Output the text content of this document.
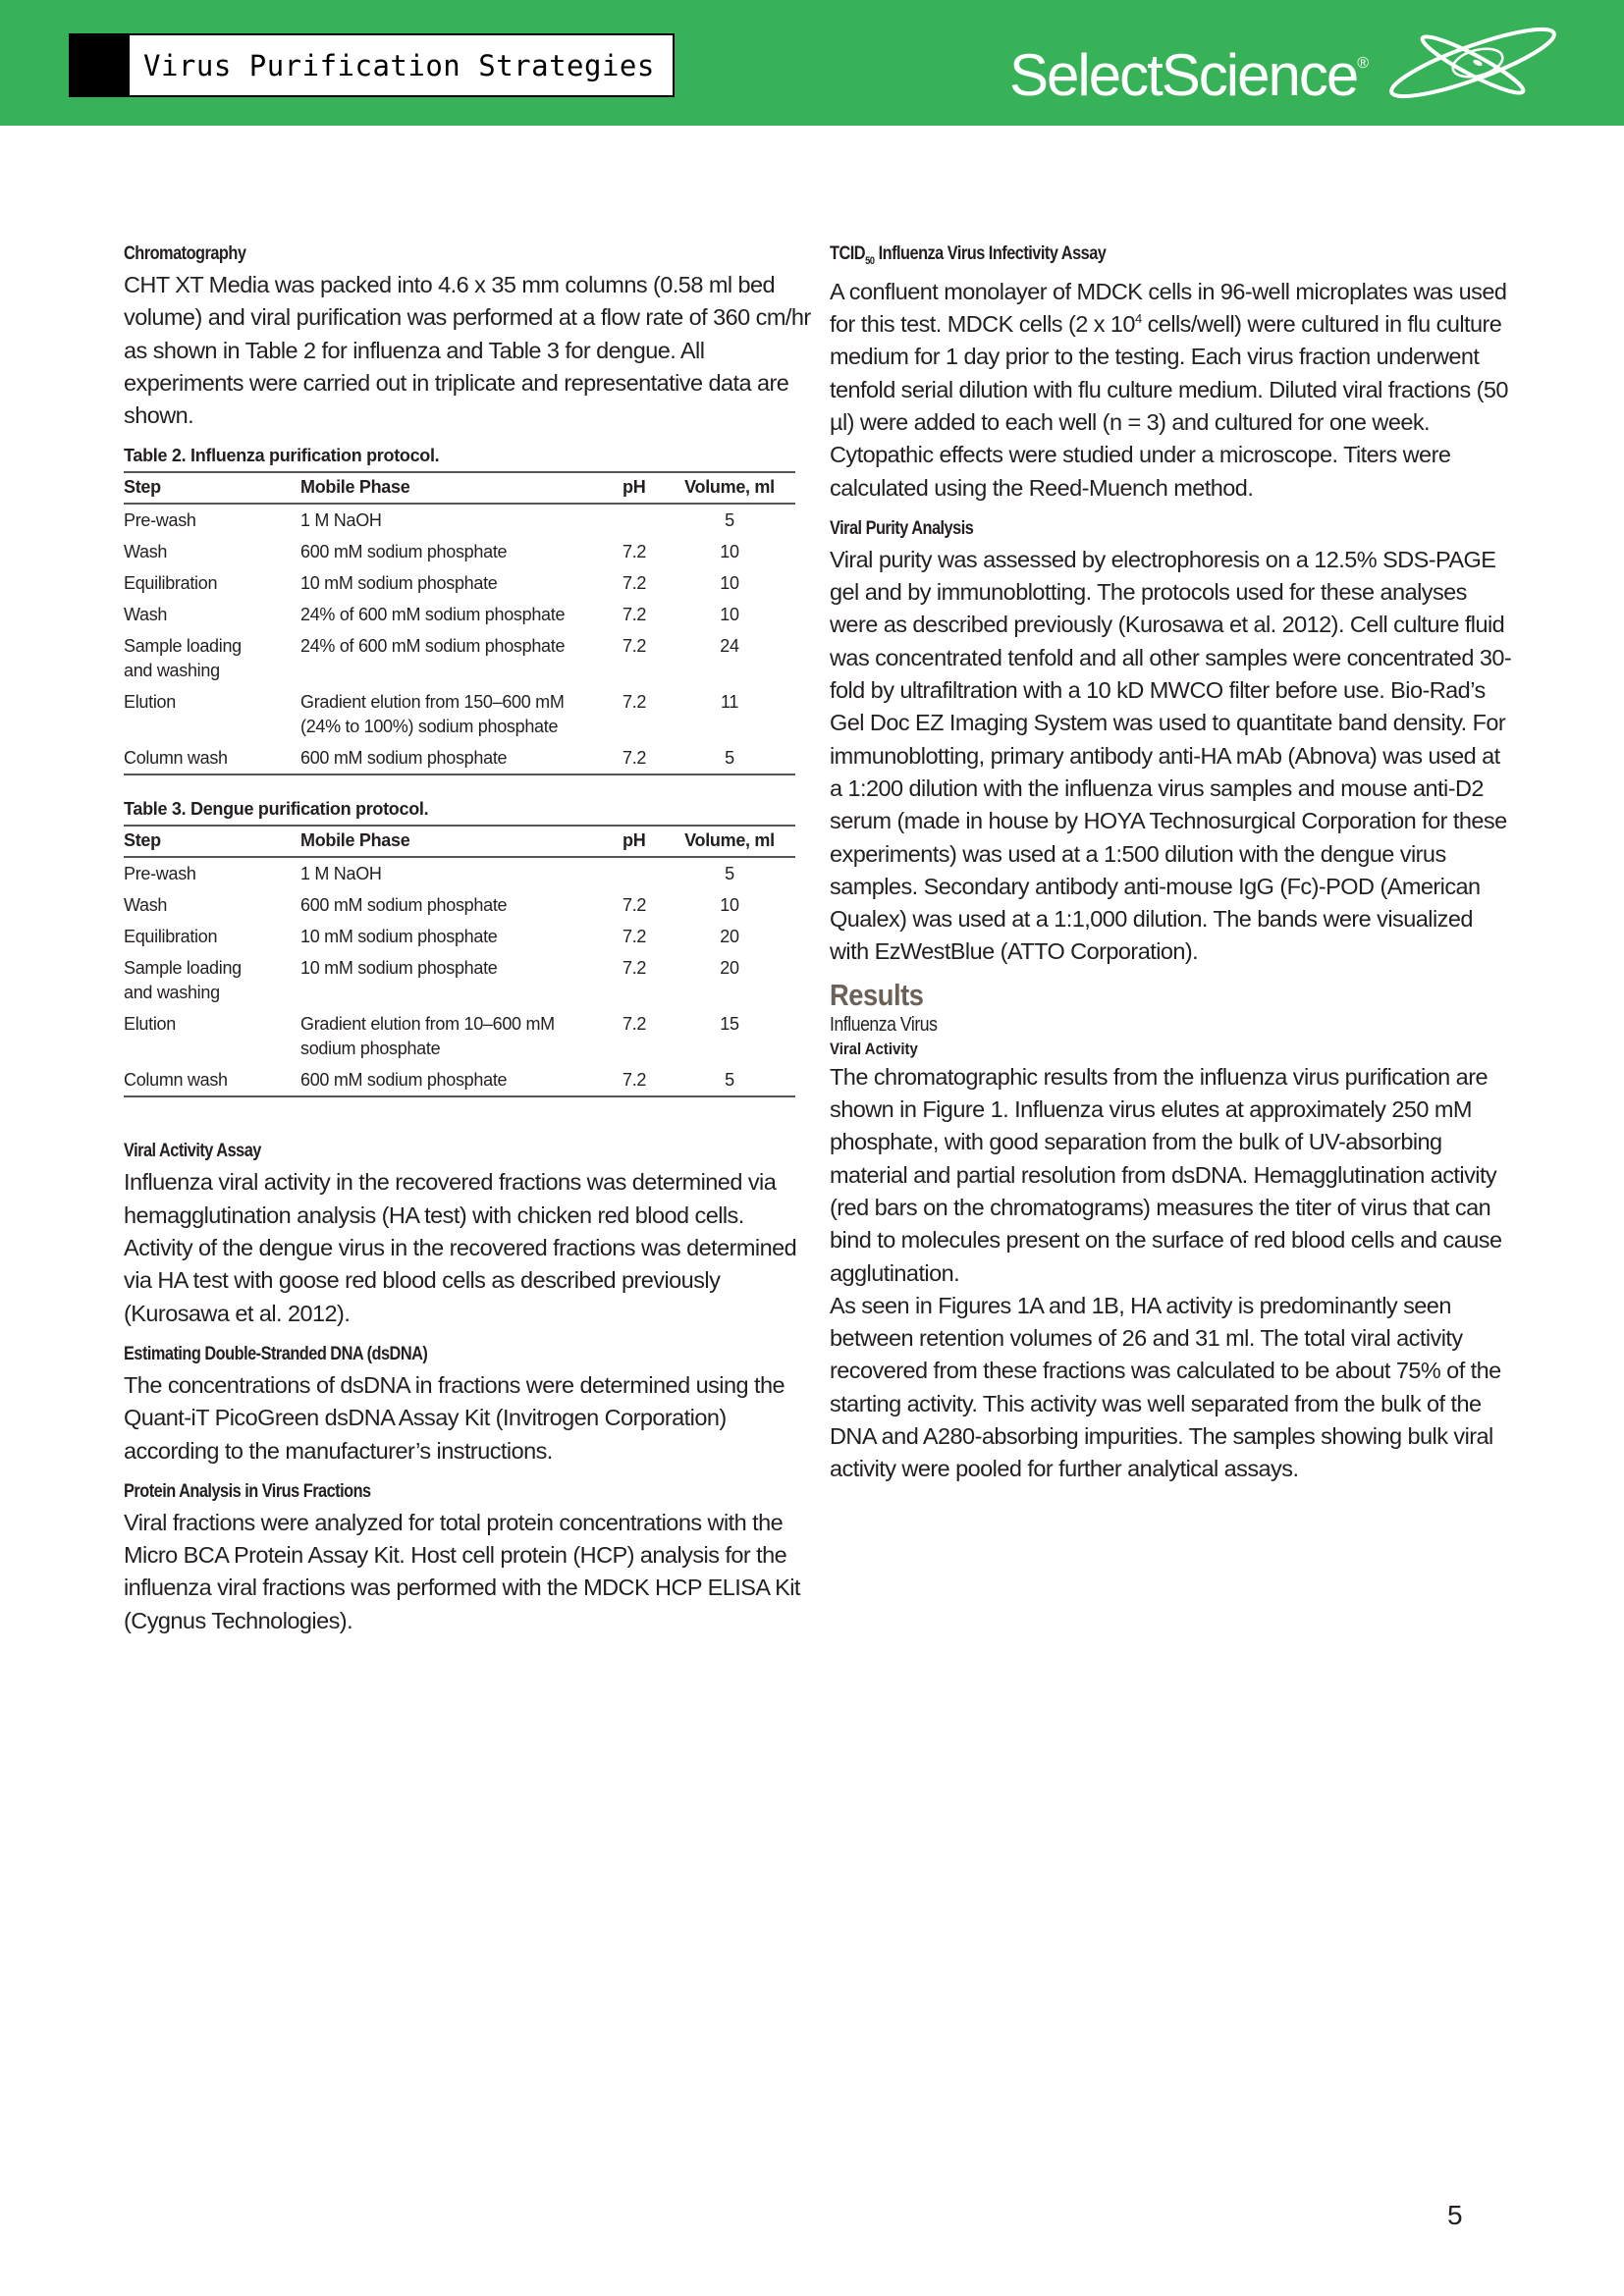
Virus Purification Strategies	SelectScience®

Chromatography

CHT XT Media was packed into 4.6 x 35 mm columns (0.58 ml bed volume) and viral purification was performed at a flow rate of 360 cm/hr as shown in Table 2 for influenza and Table 3 for dengue. All experiments were carried out in triplicate and representative data are shown.

Table 2. Influenza purification protocol.

Step	Mobile Phase	pH	Volume, ml
Pre-wash	1 M NaOH		5
Wash	600 mM sodium phosphate	7.2	10
Equilibration	10 mM sodium phosphate	7.2	10
Wash	24% of 600 mM sodium phosphate	7.2	10
Sample loading and washing	24% of 600 mM sodium phosphate	7.2	24
Elution	Gradient elution from 150–600 mM (24% to 100%) sodium phosphate	7.2	11
Column wash	600 mM sodium phosphate	7.2	5

Table 3. Dengue purification protocol.

Step	Mobile Phase	pH	Volume, ml
Pre-wash	1 M NaOH		5
Wash	600 mM sodium phosphate	7.2	10
Equilibration	10 mM sodium phosphate	7.2	20
Sample loading and washing	10 mM sodium phosphate	7.2	20
Elution	Gradient elution from 10–600 mM sodium phosphate	7.2	15
Column wash	600 mM sodium phosphate	7.2	5

Viral Activity Assay

Influenza viral activity in the recovered fractions was determined via hemagglutination analysis (HA test) with chicken red blood cells. Activity of the dengue virus in the recovered fractions was determined via HA test with goose red blood cells as described previously (Kurosawa et al. 2012).

Estimating Double-Stranded DNA (dsDNA)

The concentrations of dsDNA in fractions were determined using the Quant-iT PicoGreen dsDNA Assay Kit (Invitrogen Corporation) according to the manufacturer’s instructions.

Protein Analysis in Virus Fractions

Viral fractions were analyzed for total protein concentrations with the Micro BCA Protein Assay Kit. Host cell protein (HCP) analysis for the influenza viral fractions was performed with the MDCK HCP ELISA Kit (Cygnus Technologies).

$TCID_{50}$ Influenza Virus Infectivity Assay

A confluent monolayer of MDCK cells in 96-well microplates was used for this test. MDCK cells (2 x $10^4$ cells/well) were cultured in flu culture medium for 1 day prior to the testing. Each virus fraction underwent tenfold serial dilution with flu culture medium. Diluted viral fractions (50 µl) were added to each well (n = 3) and cultured for one week. Cytopathic effects were studied under a microscope. Titers were calculated using the Reed-Muench method.

Viral Purity Analysis

Viral purity was assessed by electrophoresis on a 12.5% SDS-PAGE gel and by immunoblotting. The protocols used for these analyses were as described previously (Kurosawa et al. 2012). Cell culture fluid was concentrated tenfold and all other samples were concentrated 30-fold by ultrafiltration with a 10 kD MWCO filter before use. Bio-Rad’s Gel Doc EZ Imaging System was used to quantitate band density. For immunoblotting, primary antibody anti-HA mAb (Abnova) was used at a 1:200 dilution with the influenza virus samples and mouse anti-D2 serum (made in house by HOYA Technosurgical Corporation for these experiments) was used at a 1:500 dilution with the dengue virus samples. Secondary antibody anti-mouse IgG (Fc)-POD (American Qualex) was used at a 1:1,000 dilution. The bands were visualized with EzWestBlue (ATTO Corporation).

Results

Influenza Virus

Viral Activity

The chromatographic results from the influenza virus purification are shown in Figure 1. Influenza virus elutes at approximately 250 mM phosphate, with good separation from the bulk of UV-absorbing material and partial resolution from dsDNA. Hemagglutination activity (red bars on the chromatograms) measures the titer of virus that can bind to molecules present on the surface of red blood cells and cause agglutination.

As seen in Figures 1A and 1B, HA activity is predominantly seen between retention volumes of 26 and 31 ml. The total viral activity recovered from these fractions was calculated to be about 75% of the starting activity. This activity was well separated from the bulk of the DNA and A280-absorbing impurities. The samples showing bulk viral activity were pooled for further analytical assays.

5
